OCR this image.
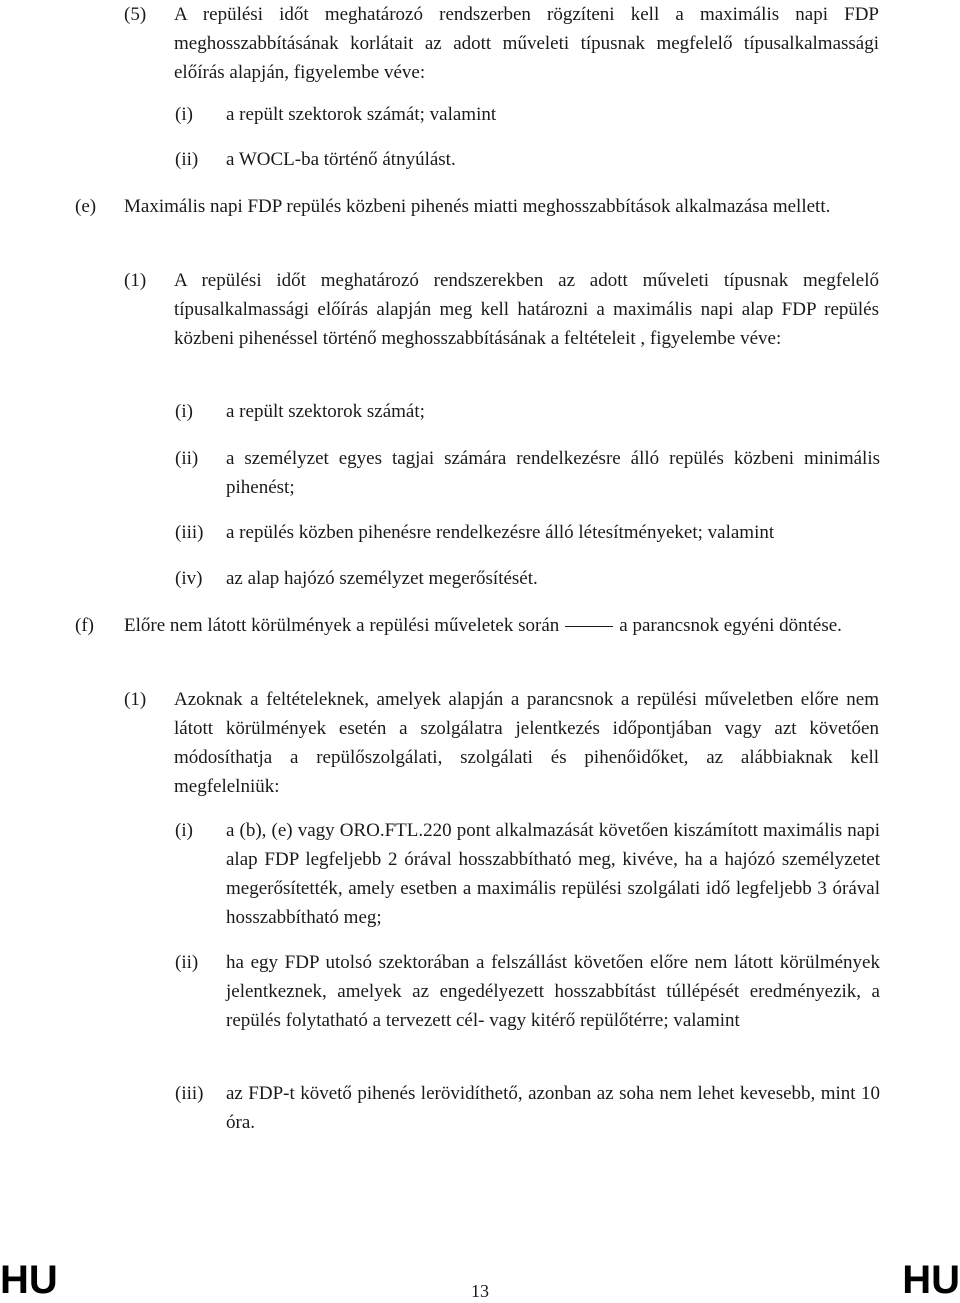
(5)	A repülési időt meghatározó rendszerben rögzíteni kell a maximális napi FDP meghosszabbításának korlátait az adott műveleti típusnak megfelelő típusalkalmassági előírás alapján, figyelembe véve:
(i)	a repült szektorok számát; valamint
(ii)	a WOCL-ba történő átnyúlást.
(e)	Maximális napi FDP repülés közbeni pihenés miatti meghosszabbítások alkalmazása mellett.
(1)	A repülési időt meghatározó rendszerekben az adott műveleti típusnak megfelelő típusalkalmassági előírás alapján meg kell határozni a maximális napi alap FDP repülés közbeni pihenéssel történő meghosszabbításának a feltételeit , figyelembe véve:
(i)	a repült szektorok számát;
(ii)	a személyzet egyes tagjai számára rendelkezésre álló repülés közbeni minimális pihenést;
(iii)	a repülés közben pihenésre rendelkezésre álló létesítményeket; valamint
(iv)	az alap hajózó személyzet megerősítését.
(f)	Előre nem látott körülmények a repülési műveletek során	a parancsnok egyéni döntése.
(1)	Azoknak a feltételeknek, amelyek alapján a parancsnok a repülési műveletben előre nem látott körülmények esetén a szolgálatra jelentkezés időpontjában vagy azt követően módosíthatja a repülőszolgálati, szolgálati és pihenőidőket, az alábbiaknak kell megfelelniük:
(i)	a (b), (e) vagy ORO.FTL.220 pont alkalmazását követően kiszámított maximális napi alap FDP legfeljebb 2 órával hosszabbítható meg, kivéve, ha a hajózó személyzetet megerősítették, amely esetben a maximális repülési szolgálati idő legfeljebb 3 órával hosszabbítható meg;
(ii)	ha egy FDP utolsó szektorában a felszállást követően előre nem látott körülmények jelentkeznek, amelyek az engedélyezett hosszabbítást túllépését eredményezik, a repülés folytatható a tervezett cél- vagy kitérő repülőtérre; valamint
(iii)	az FDP-t követő pihenés lerövidíthető, azonban az soha nem lehet kevesebb, mint 10 óra.
HU	13	HU
